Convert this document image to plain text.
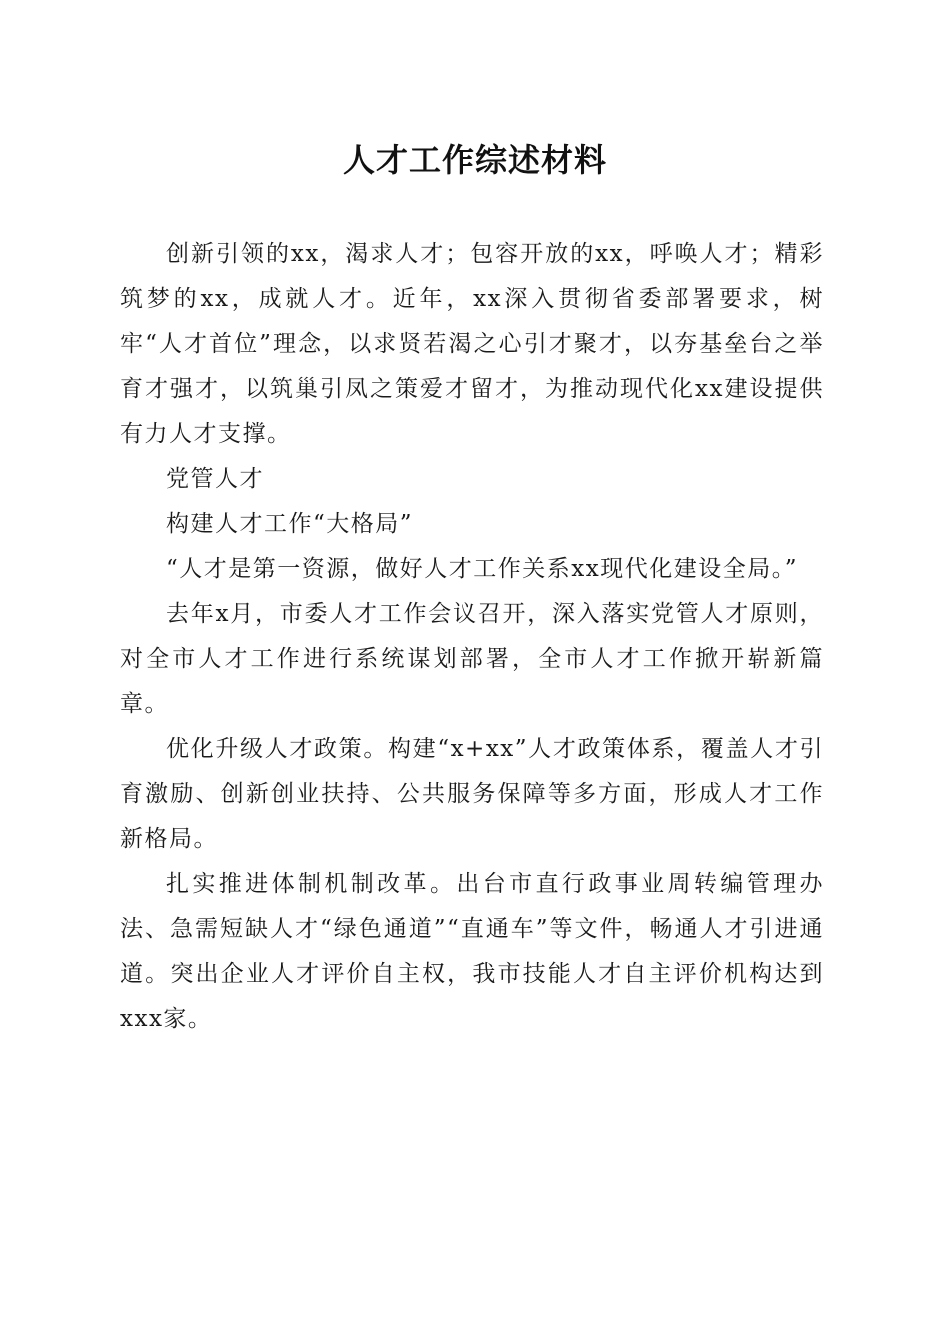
人才工作综述材料

创新引领的xx，渴求人才；包容开放的xx，呼唤人才；精彩筑梦的xx，成就人才。近年，xx深入贯彻省委部署要求，树牢“人才首位”理念，以求贤若渴之心引才聚才，以夯基垒台之举育才强才，以筑巢引凤之策爱才留才，为推动现代化xx建设提供有力人才支撑。

党管人才

构建人才工作“大格局”

“人才是第一资源，做好人才工作关系xx现代化建设全局。”

去年x月，市委人才工作会议召开，深入落实党管人才原则，对全市人才工作进行系统谋划部署，全市人才工作掀开崭新篇章。

优化升级人才政策。构建“x+xx”人才政策体系，覆盖人才引育激励、创新创业扶持、公共服务保障等多方面，形成人才工作新格局。

扎实推进体制机制改革。出台市直行政事业周转编管理办法、急需短缺人才“绿色通道”“直通车”等文件，畅通人才引进通道。突出企业人才评价自主权，我市技能人才自主评价机构达到xxx家。
